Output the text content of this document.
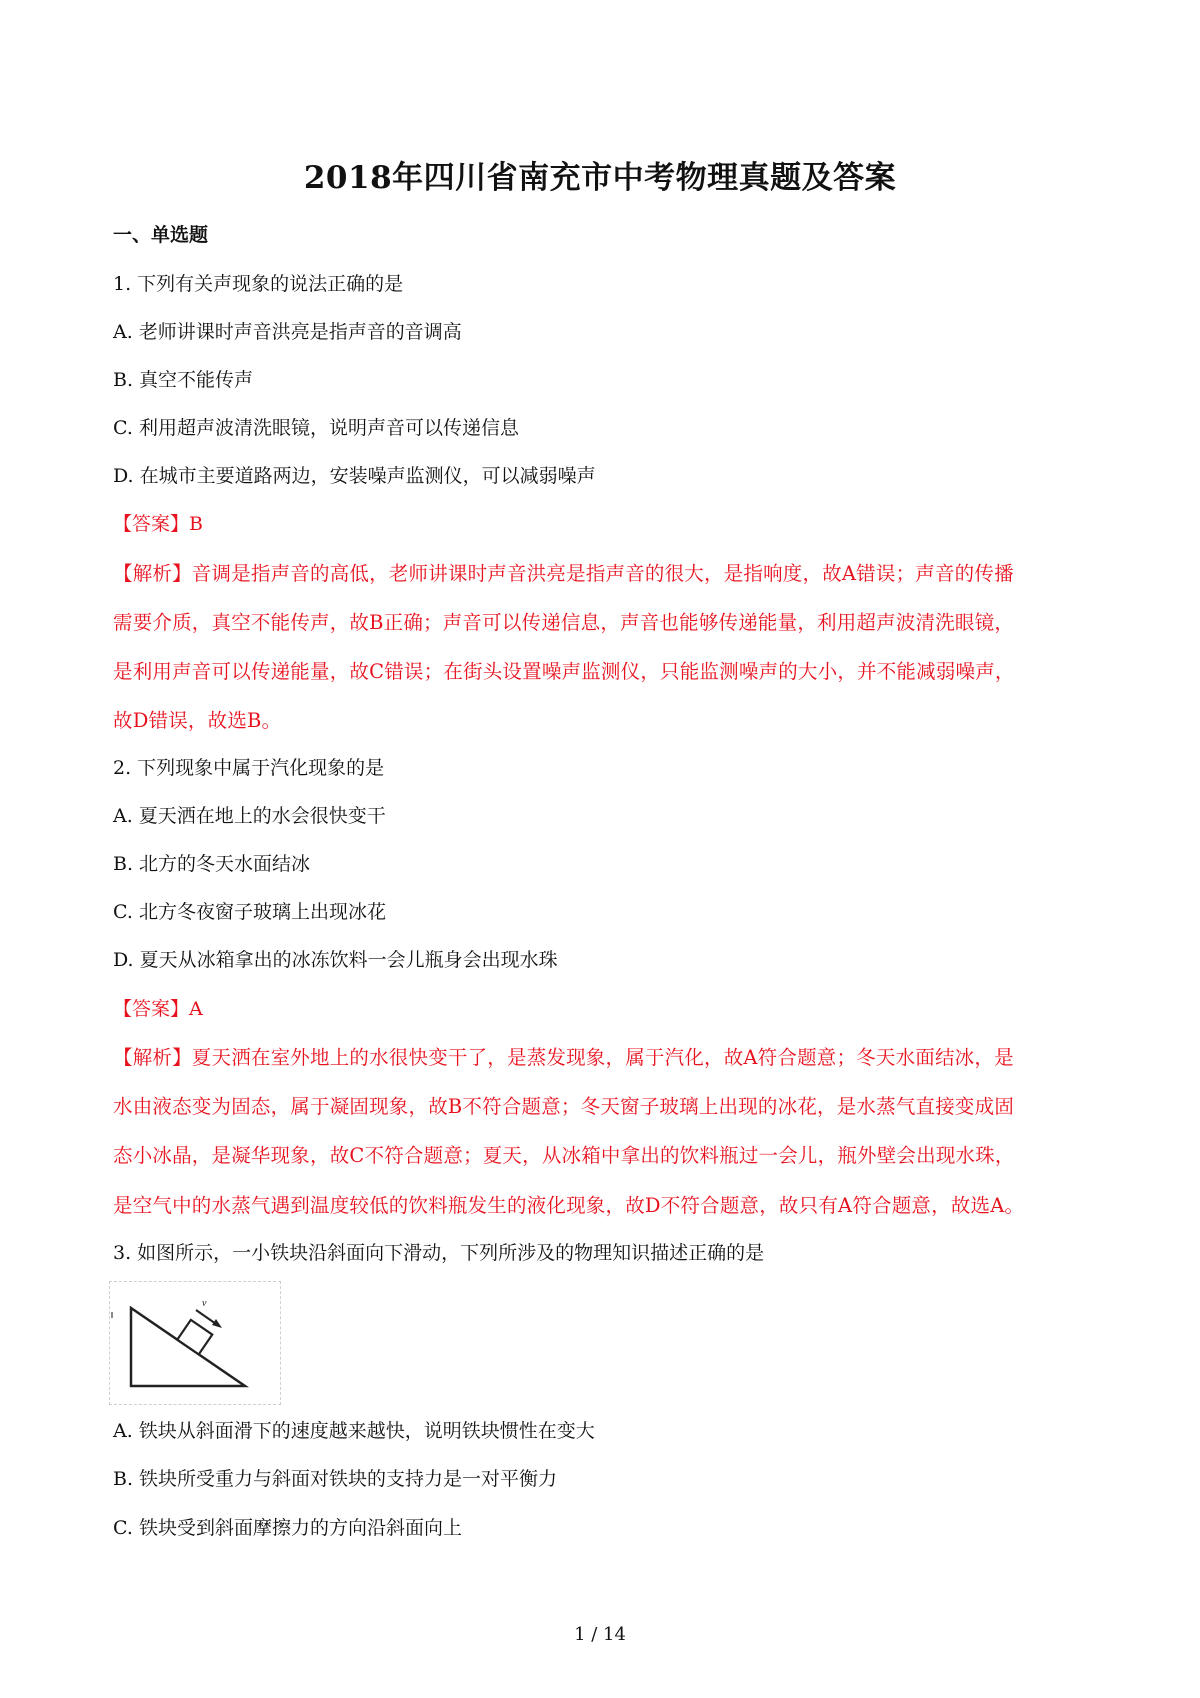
2018年四川省南充市中考物理真题及答案
一、单选题
1. 下列有关声现象的说法正确的是
A. 老师讲课时声音洪亮是指声音的音调高
B. 真空不能传声
C. 利用超声波清洗眼镜，说明声音可以传递信息
D. 在城市主要道路两边，安装噪声监测仪，可以减弱噪声
【答案】B
【解析】音调是指声音的高低，老师讲课时声音洪亮是指声音的很大，是指响度，故A错误；声音的传播
需要介质，真空不能传声，故B正确；声音可以传递信息，声音也能够传递能量，利用超声波清洗眼镜，
是利用声音可以传递能量，故C错误；在街头设置噪声监测仪，只能监测噪声的大小，并不能减弱噪声，
故D错误，故选B。
2. 下列现象中属于汽化现象的是
A. 夏天洒在地上的水会很快变干
B. 北方的冬天水面结冰
C. 北方冬夜窗子玻璃上出现冰花
D. 夏天从冰箱拿出的冰冻饮料一会儿瓶身会出现水珠
【答案】A
【解析】夏天洒在室外地上的水很快变干了，是蒸发现象，属于汽化，故A符合题意；冬天水面结冰，是
水由液态变为固态，属于凝固现象，故B不符合题意；冬天窗子玻璃上出现的冰花，是水蒸气直接变成固
态小冰晶，是凝华现象，故C不符合题意；夏天，从冰箱中拿出的饮料瓶过一会儿，瓶外壁会出现水珠，
是空气中的水蒸气遇到温度较低的饮料瓶发生的液化现象，故D不符合题意，故只有A符合题意，故选A。
3. 如图所示，一小铁块沿斜面向下滑动，下列所涉及的物理知识描述正确的是
v
A. 铁块从斜面滑下的速度越来越快，说明铁块惯性在变大
B. 铁块所受重力与斜面对铁块的支持力是一对平衡力
C. 铁块受到斜面摩擦力的方向沿斜面向上
1 / 14
